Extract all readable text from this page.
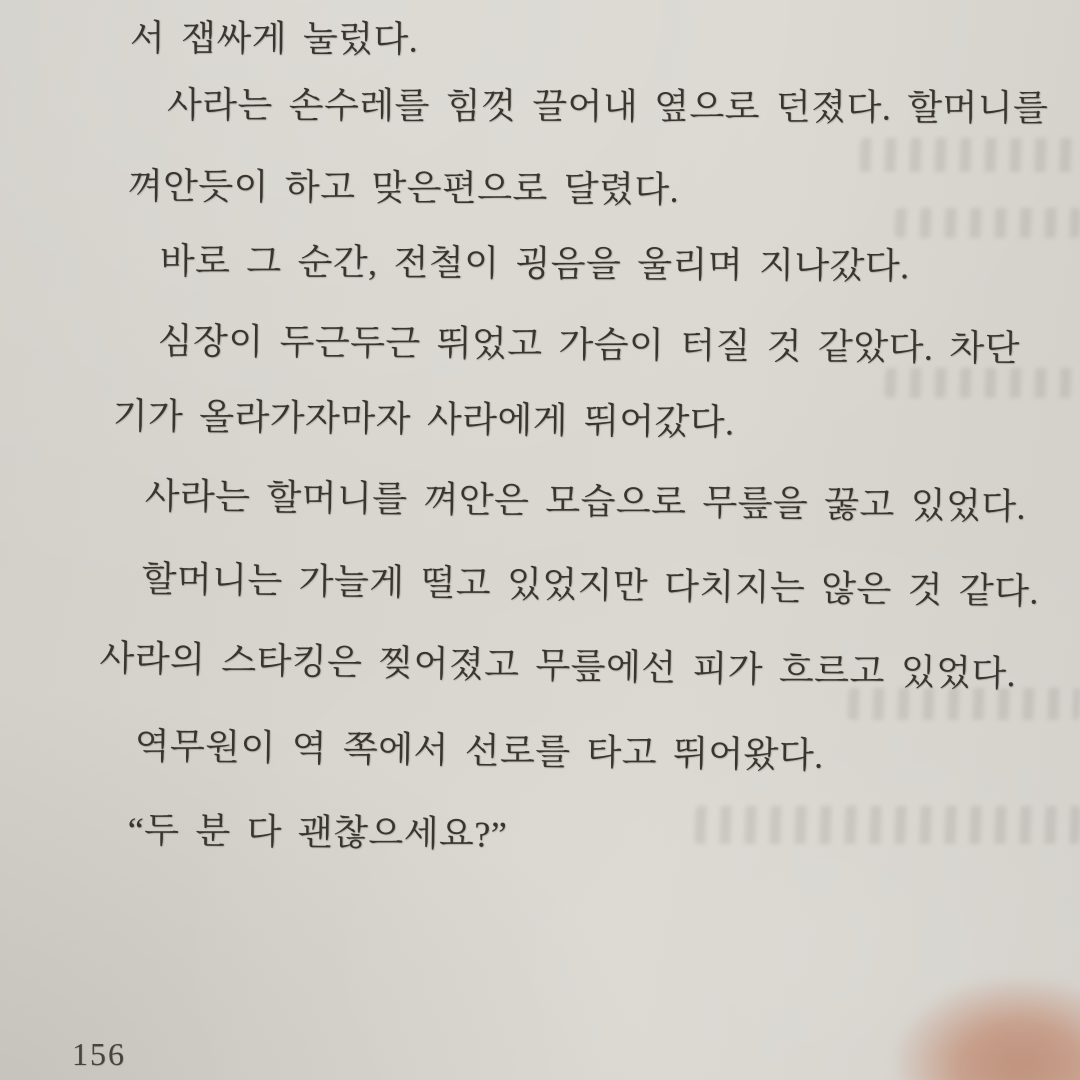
서 잽싸게 눌렀다.
사라는 손수레를 힘껏 끌어내 옆으로 던졌다. 할머니를
껴안듯이 하고 맞은편으로 달렸다.
바로 그 순간, 전철이 굉음을 울리며 지나갔다.
심장이 두근두근 뛰었고 가슴이 터질 것 같았다. 차단
기가 올라가자마자 사라에게 뛰어갔다.
사라는 할머니를 껴안은 모습으로 무릎을 꿇고 있었다.
할머니는 가늘게 떨고 있었지만 다치지는 않은 것 같다.
사라의 스타킹은 찢어졌고 무릎에선 피가 흐르고 있었다.
역무원이 역 쪽에서 선로를 타고 뛰어왔다.
“두 분 다 괜찮으세요?”
156
